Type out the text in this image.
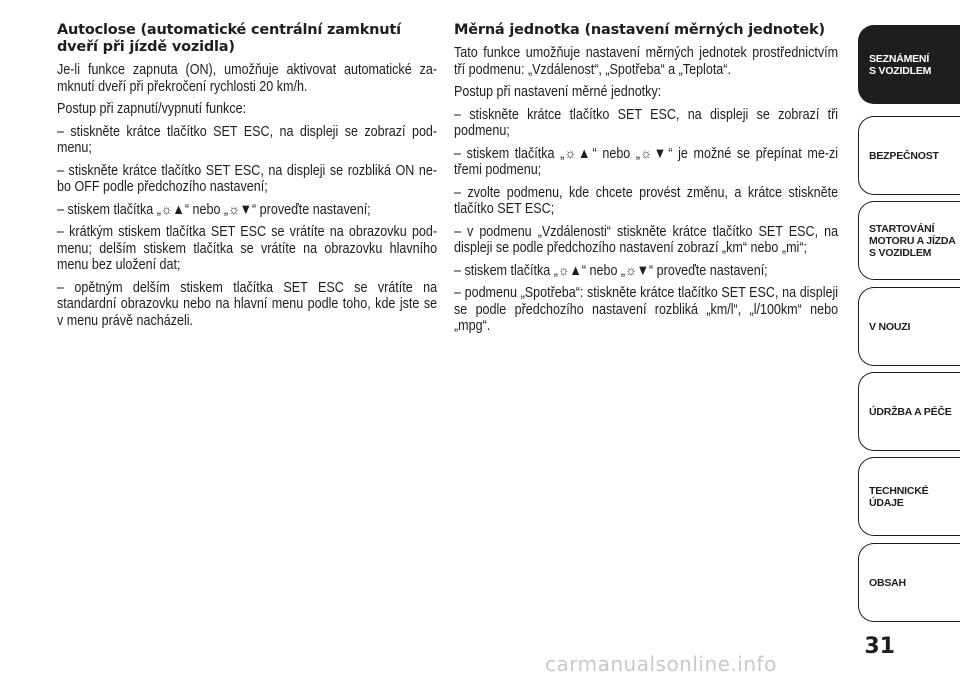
Autoclose (automatické centrální zamknutí dveří při jízdě vozidla)

Je-li funkce zapnuta (ON), umožňuje aktivovat automatické za-mknutí dveří při překročení rychlosti 20 km/h.

Postup při zapnutí/vypnutí funkce:

– stiskněte krátce tlačítko SET ESC, na displeji se zobrazí pod-menu;

– stiskněte krátce tlačítko SET ESC, na displeji se rozbliká ON ne-bo OFF podle předchozího nastavení;

– stiskem tlačítka „☼▲“ nebo „☼▼“ proveďte nastavení;

– krátkým stiskem tlačítka SET ESC se vrátíte na obrazovku pod-menu; delším stiskem tlačítka se vrátíte na obrazovku hlavního menu bez uložení dat;

– opětným delším stiskem tlačítka SET ESC se vrátíte na standardní obrazovku nebo na hlavní menu podle toho, kde jste se v menu právě nacházeli.

Měrná jednotka (nastavení měrných jednotek)

Tato funkce umožňuje nastavení měrných jednotek prostřednictvím tří podmenu: „Vzdálenost“, „Spotřeba“ a „Teplota“.

Postup při nastavení měrné jednotky:

– stiskněte krátce tlačítko SET ESC, na displeji se zobrazí tři podmenu;

– stiskem tlačítka „☼▲“ nebo „☼▼“ je možné se přepínat me-zi třemi podmenu;

– zvolte podmenu, kde chcete provést změnu, a krátce stiskněte tlačítko SET ESC;

– v podmenu „Vzdálenosti“ stiskněte krátce tlačítko SET ESC, na displeji se podle předchozího nastavení zobrazí „km“ nebo „mi“;

– stiskem tlačítka „☼▲“ nebo „☼▼“ proveďte nastavení;

– podmenu „Spotřeba“: stiskněte krátce tlačítko SET ESC, na displeji se podle předchozího nastavení rozbliká „km/l“, „l/100km“ nebo „mpg“.

SEZNÁMENÍ
S VOZIDLEM
BEZPEČNOST
STARTOVÁNÍ
MOTORU A JÍZDA
S VOZIDLEM
V NOUZI
ÚDRŽBA A PÉČE
TECHNICKÉ
ÚDAJE
OBSAH
31
carmanualsonline.info
